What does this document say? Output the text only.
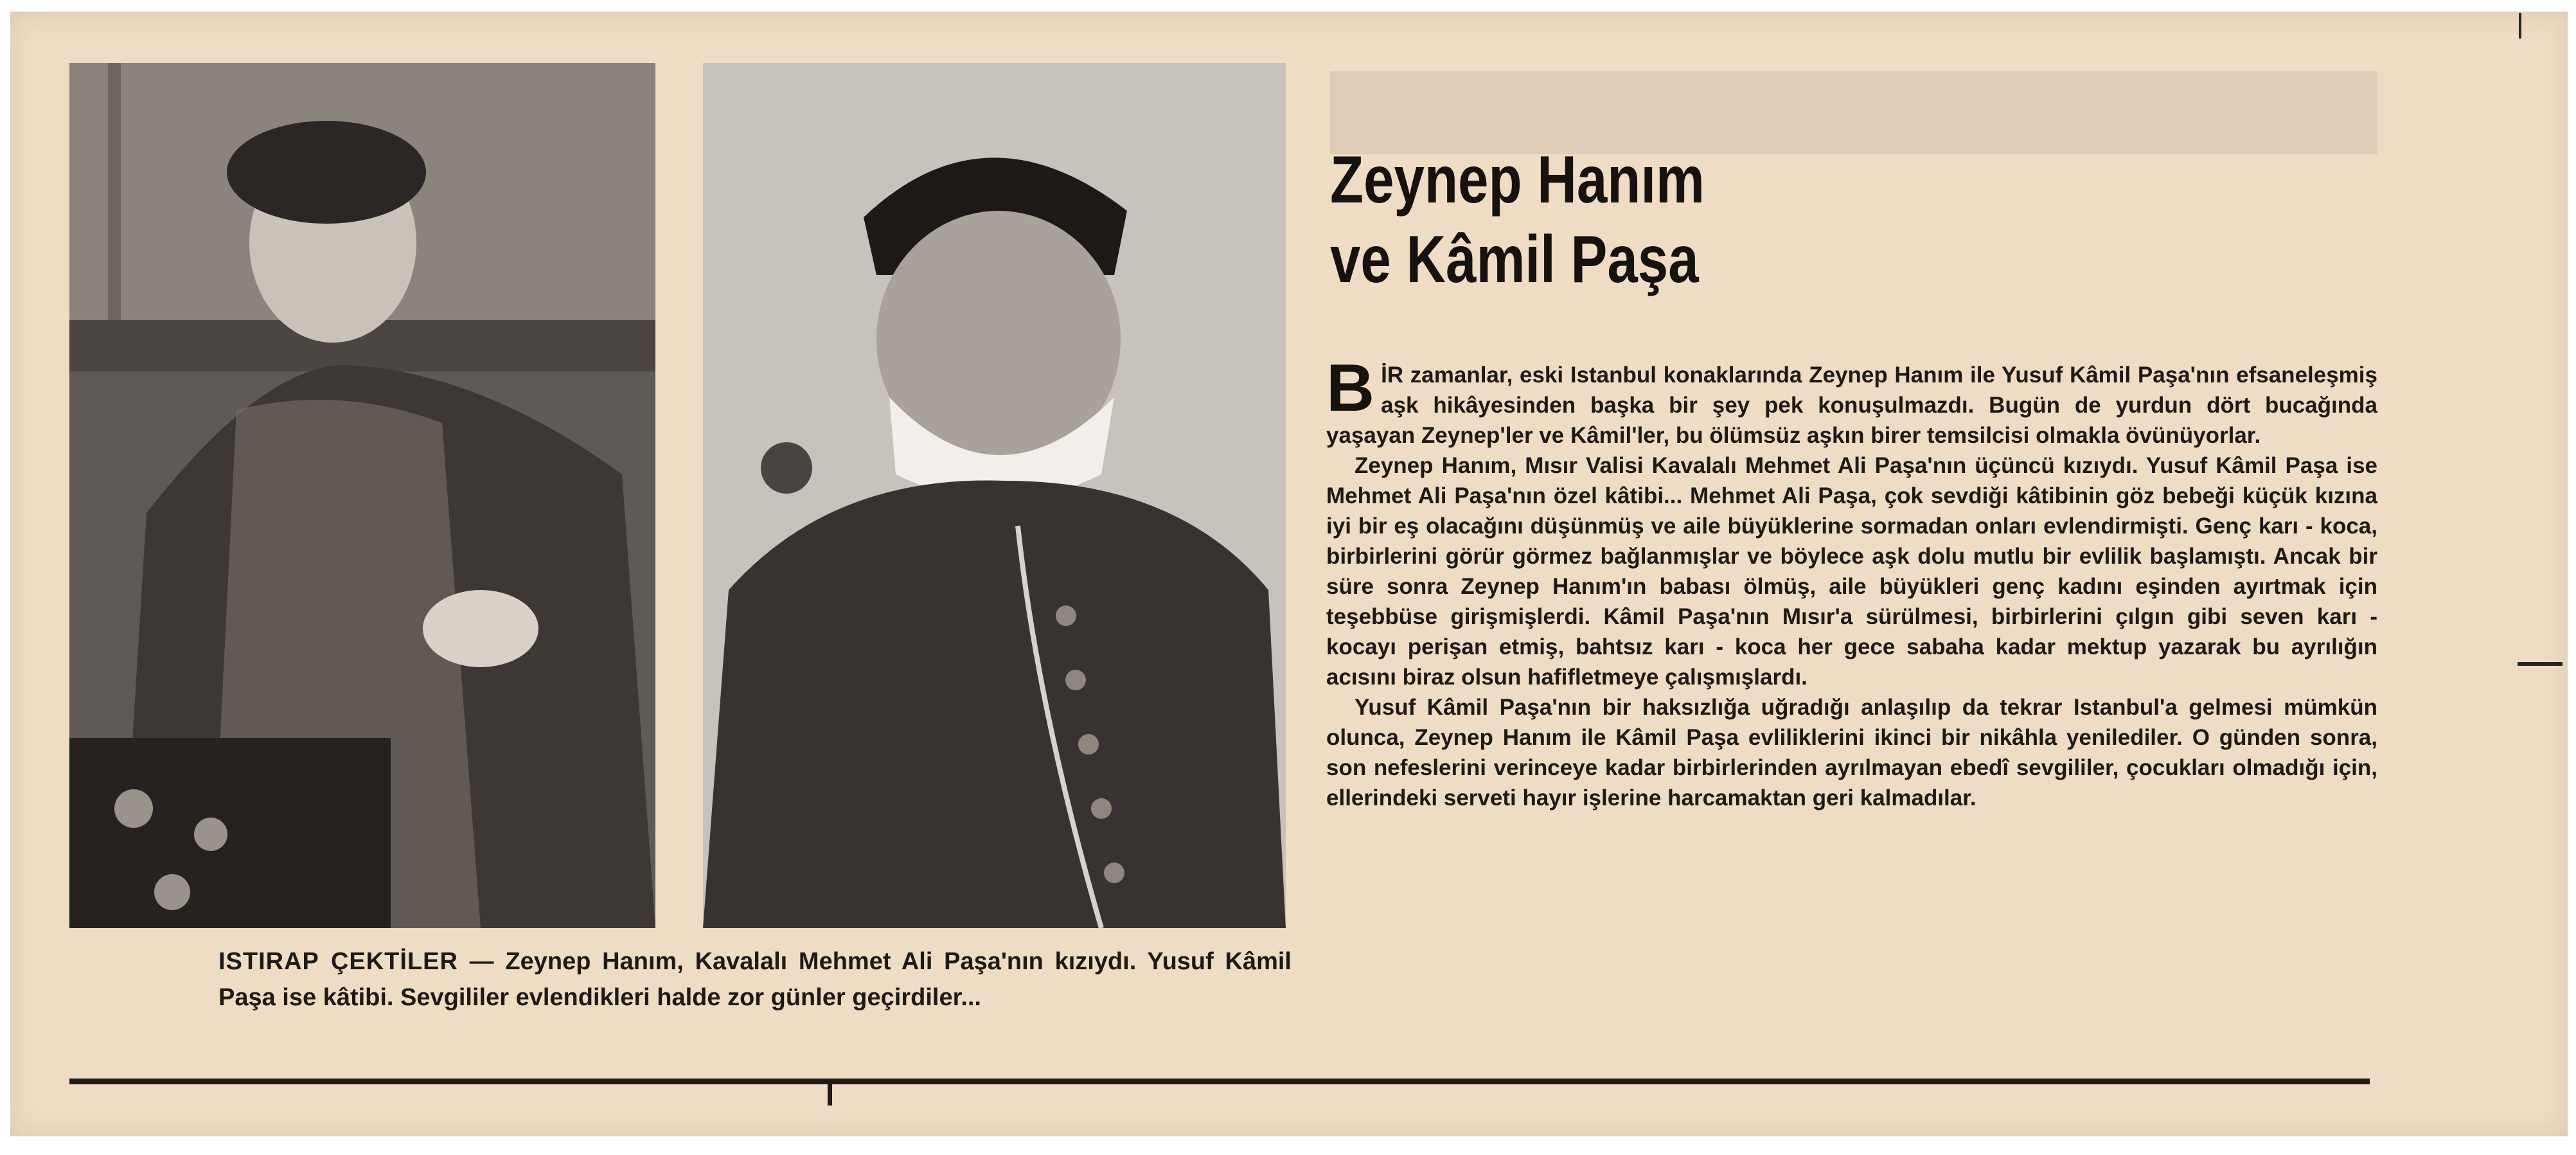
ISTIRAP ÇEKTİLER — Zeynep Hanım, Kavalalı Mehmet Ali Paşa'nın kızıydı. Yusuf Kâmil Paşa ise kâtibi. Sevgililer evlendikleri halde zor günler geçirdiler...
Zeynep Hanım
ve Kâmil Paşa

BİR zamanlar, eski Istanbul konaklarında Zeynep Hanım ile Yusuf Kâmil Paşa'nın efsaneleşmiş aşk hikâyesinden başka bir şey pek konuşulmazdı. Bugün de yurdun dört bucağında yaşayan Zeynep'ler ve Kâmil'ler, bu ölümsüz aşkın birer temsilcisi olmakla övünüyorlar.

Zeynep Hanım, Mısır Valisi Kavalalı Mehmet Ali Paşa'nın üçüncü kızıydı. Yusuf Kâmil Paşa ise Mehmet Ali Paşa'nın özel kâtibi... Mehmet Ali Paşa, çok sevdiği kâtibinin göz bebeği küçük kızına iyi bir eş olacağını düşünmüş ve aile büyüklerine sormadan onları evlendirmişti. Genç karı - koca, birbirlerini görür görmez bağlanmışlar ve böylece aşk dolu mutlu bir evlilik başlamıştı. Ancak bir süre sonra Zeynep Hanım'ın babası ölmüş, aile büyükleri genç kadını eşinden ayırtmak için teşebbüse girişmişlerdi. Kâmil Paşa'nın Mısır'a sürülmesi, birbirlerini çılgın gibi seven karı - kocayı perişan etmiş, bahtsız karı - koca her gece sabaha kadar mektup yazarak bu ayrılığın acısını biraz olsun hafifletmeye çalışmışlardı.

Yusuf Kâmil Paşa'nın bir haksızlığa uğradığı anlaşılıp da tekrar Istanbul'a gelmesi mümkün olunca, Zeynep Hanım ile Kâmil Paşa evliliklerini ikinci bir nikâhla yenilediler. O günden sonra, son nefeslerini verinceye kadar birbirlerinden ayrılmayan ebedî sevgililer, çocukları olmadığı için, ellerindeki serveti hayır işlerine harcamaktan geri kalmadılar.
